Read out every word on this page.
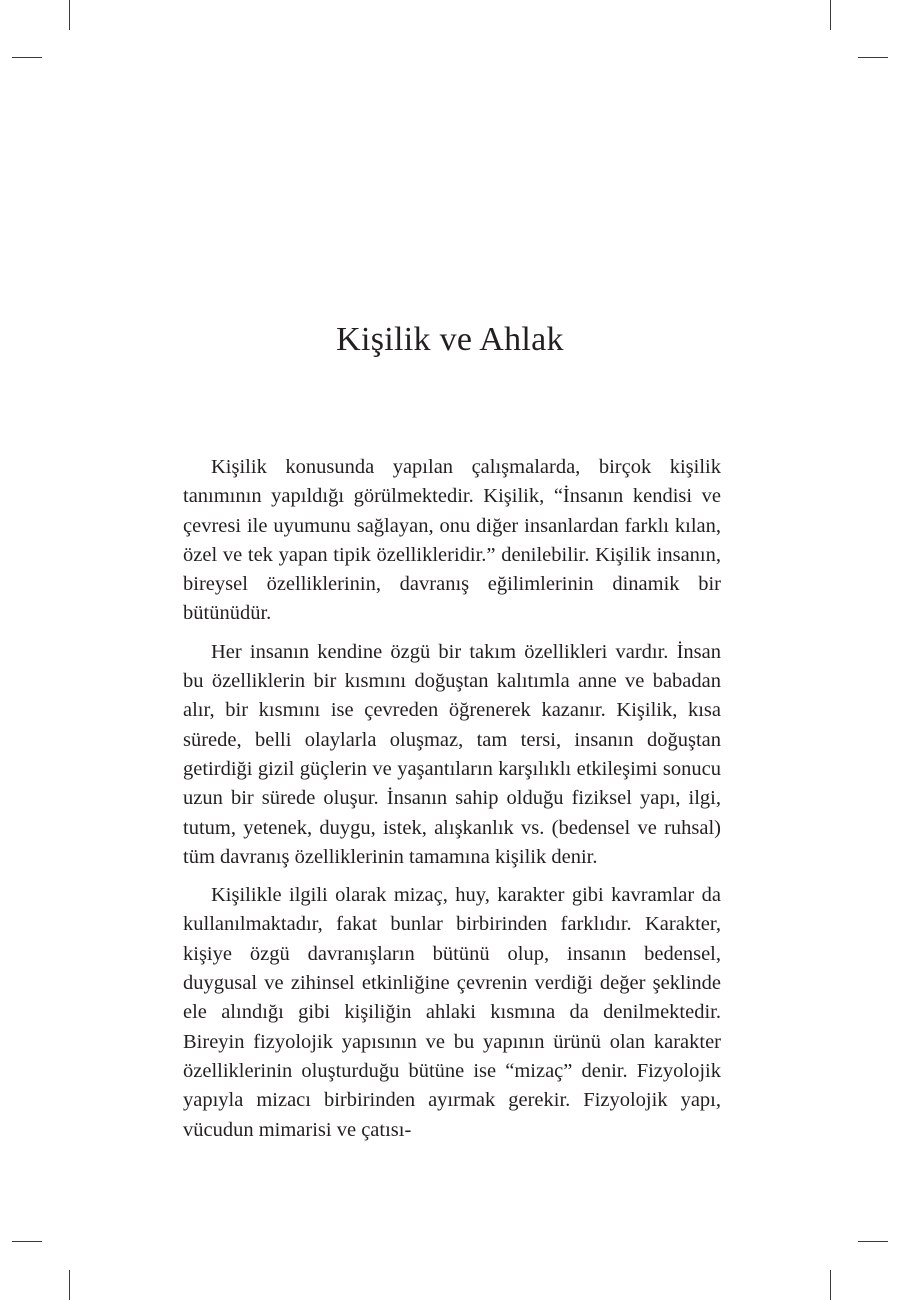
Kişilik ve Ahlak

Kişilik konusunda yapılan çalışmalarda, birçok kişilik tanımının yapıldığı görülmektedir. Kişilik, “İnsanın kendisi ve çevresi ile uyumunu sağlayan, onu diğer insanlardan farklı kılan, özel ve tek yapan tipik özellikleridir.” denilebilir. Kişilik insanın, bireysel özelliklerinin, davranış eğilimlerinin dinamik bir bütünüdür.

Her insanın kendine özgü bir takım özellikleri vardır. İnsan bu özelliklerin bir kısmını doğuştan kalıtımla anne ve babadan alır, bir kısmını ise çevreden öğrenerek kazanır. Kişilik, kısa sürede, belli olaylarla oluşmaz, tam tersi, insanın doğuştan getirdiği gizil güçlerin ve yaşantıların karşılıklı etkileşimi sonucu uzun bir sürede oluşur. İnsanın sahip olduğu fiziksel yapı, ilgi, tutum, yetenek, duygu, istek, alışkanlık vs. (bedensel ve ruhsal) tüm davranış özelliklerinin tamamına kişilik denir.

Kişilikle ilgili olarak mizaç, huy, karakter gibi kavramlar da kullanılmaktadır, fakat bunlar birbirinden farklıdır. Karakter, kişiye özgü davranışların bütünü olup, insanın bedensel, duygusal ve zihinsel etkinliğine çevrenin verdiği değer şeklinde ele alındığı gibi kişiliğin ahlaki kısmına da denilmektedir. Bireyin fizyolojik yapısının ve bu yapının ürünü olan karakter özelliklerinin oluşturduğu bütüne ise “mizaç” denir. Fizyolojik yapıyla mizacı birbirinden ayırmak gerekir. Fizyolojik yapı, vücudun mimarisi ve çatısı-
